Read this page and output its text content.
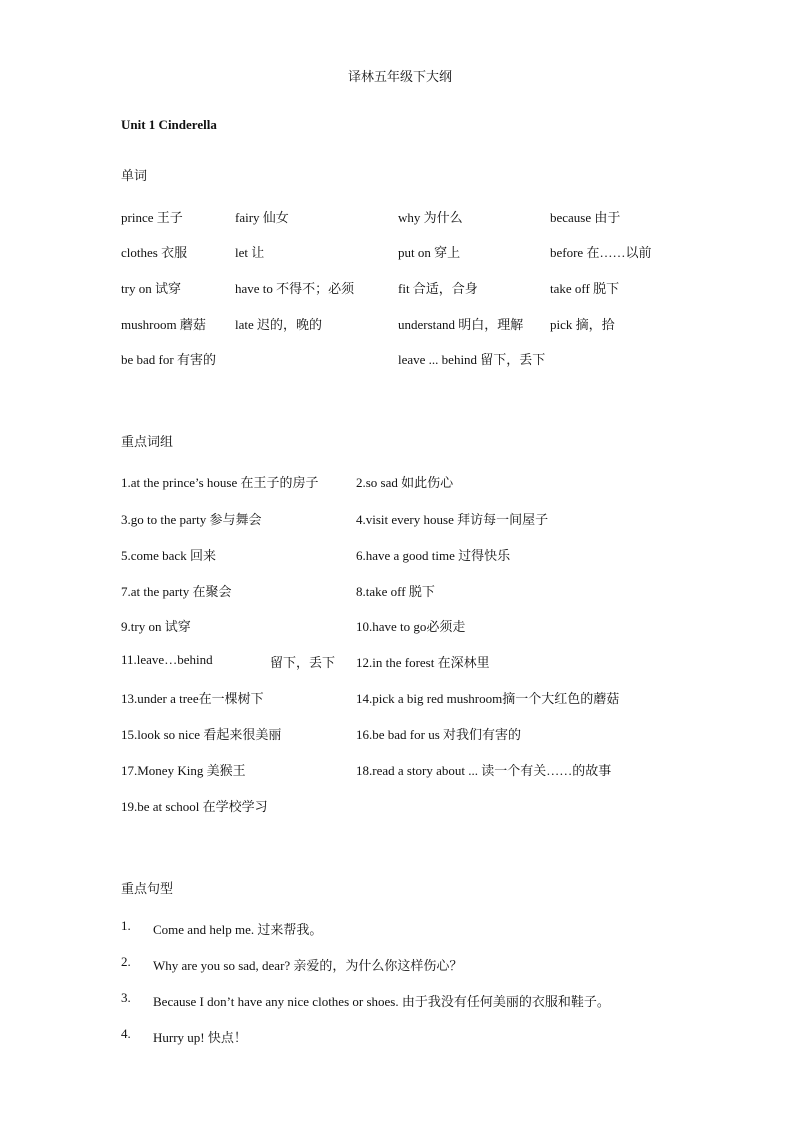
译林五年级下大纲
Unit 1 Cinderella
单词
prince 王子	fairy 仙女	why 为什么	because 由于
clothes 衣服	let 让	put on 穿上	before 在……以前
try on 试穿	have to 不得不；必须	fit 合适，合身	take off 脱下
mushroom 蘑菇 late 迟的，晚的	understand 明白，理解 pick 摘，拾
be bad for 有害的	leave ... behind 留下，丢下
重点词组
1.at the prince’s house 在王子的房子	2.so sad 如此伤心
3.go to the party 参与舞会	4.visit every house 拜访每一间屋子
5.come back 回来	6.have a good time 过得快乐
7.at the party 在聚会	8.take off 脱下
9.try on 试穿	10.have to go必须走
11.leave…behind	留下，丢下 12.in the forest 在深林里
13.under a tree在一棵树下	14.pick a big red mushroom摘一个大红色的蘑菇
15.look so nice 看起来很美丽	16.be bad for us 对我们有害的
17.Money King 美猴王	18.read a story about ... 读一个有关……的故事
19.be at school 在学校学习
重点句型
1. Come and help me. 过来帮我。
2. Why are you so sad, dear? 亲爱的，为什么你这样伤心？
3. Because I don’t have any nice clothes or shoes. 由于我没有任何美丽的衣服和鞋子。
4. Hurry up! 快点！
